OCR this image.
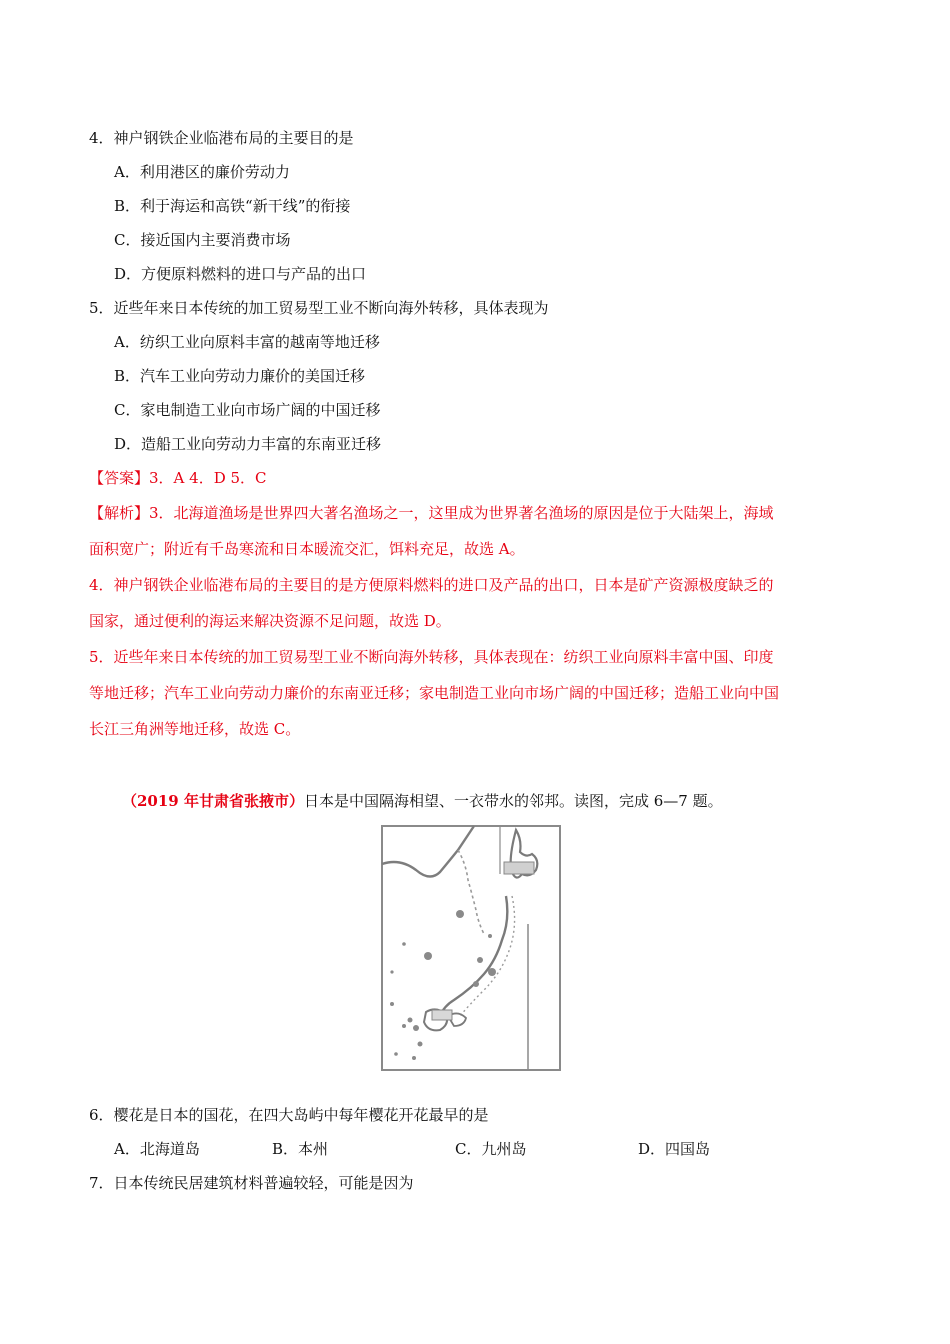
4．神户钢铁企业临港布局的主要目的是
A．利用港区的廉价劳动力
B．利于海运和高铁“新干线”的衔接
C．接近国内主要消费市场
D．方便原料燃料的进口与产品的出口
5．近些年来日本传统的加工贸易型工业不断向海外转移，具体表现为
A．纺织工业向原料丰富的越南等地迁移
B．汽车工业向劳动力廉价的美国迁移
C．家电制造工业向市场广阔的中国迁移
D．造船工业向劳动力丰富的东南亚迁移
【答案】3．A 4．D 5．C
【解析】3．北海道渔场是世界四大著名渔场之一，这里成为世界著名渔场的原因是位于大陆架上，海域
面积宽广；附近有千岛寒流和日本暖流交汇，饵料充足，故选 A。
4．神户钢铁企业临港布局的主要目的是方便原料燃料的进口及产品的出口，日本是矿产资源极度缺乏的
国家，通过便利的海运来解决资源不足问题，故选 D。
5．近些年来日本传统的加工贸易型工业不断向海外转移，具体表现在：纺织工业向原料丰富中国、印度
等地迁移；汽车工业向劳动力廉价的东南亚迁移；家电制造工业向市场广阔的中国迁移；造船工业向中国
长江三角洲等地迁移，故选 C。
（2019 年甘肃省张掖市）日本是中国隔海相望、一衣带水的邻邦。读图，完成 6—7 题。
6．樱花是日本的国花，在四大岛屿中每年樱花开花最早的是
A．北海道岛	B．本州	C．九州岛	D．四国岛
7．日本传统民居建筑材料普遍较轻，可能是因为
